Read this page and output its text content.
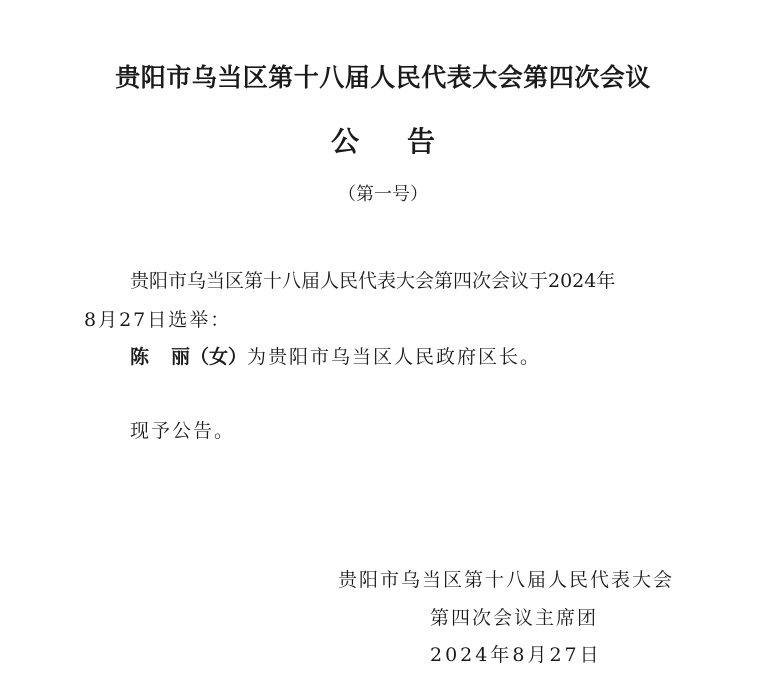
贵阳市乌当区第十八届人民代表大会第四次会议
公 告
（第一号）
贵阳市乌当区第十八届人民代表大会第四次会议于2024年
8月27日选举：
陈 丽（女）为贵阳市乌当区人民政府区长。
现予公告。
贵阳市乌当区第十八届人民代表大会
第四次会议主席团
2024年8月27日
